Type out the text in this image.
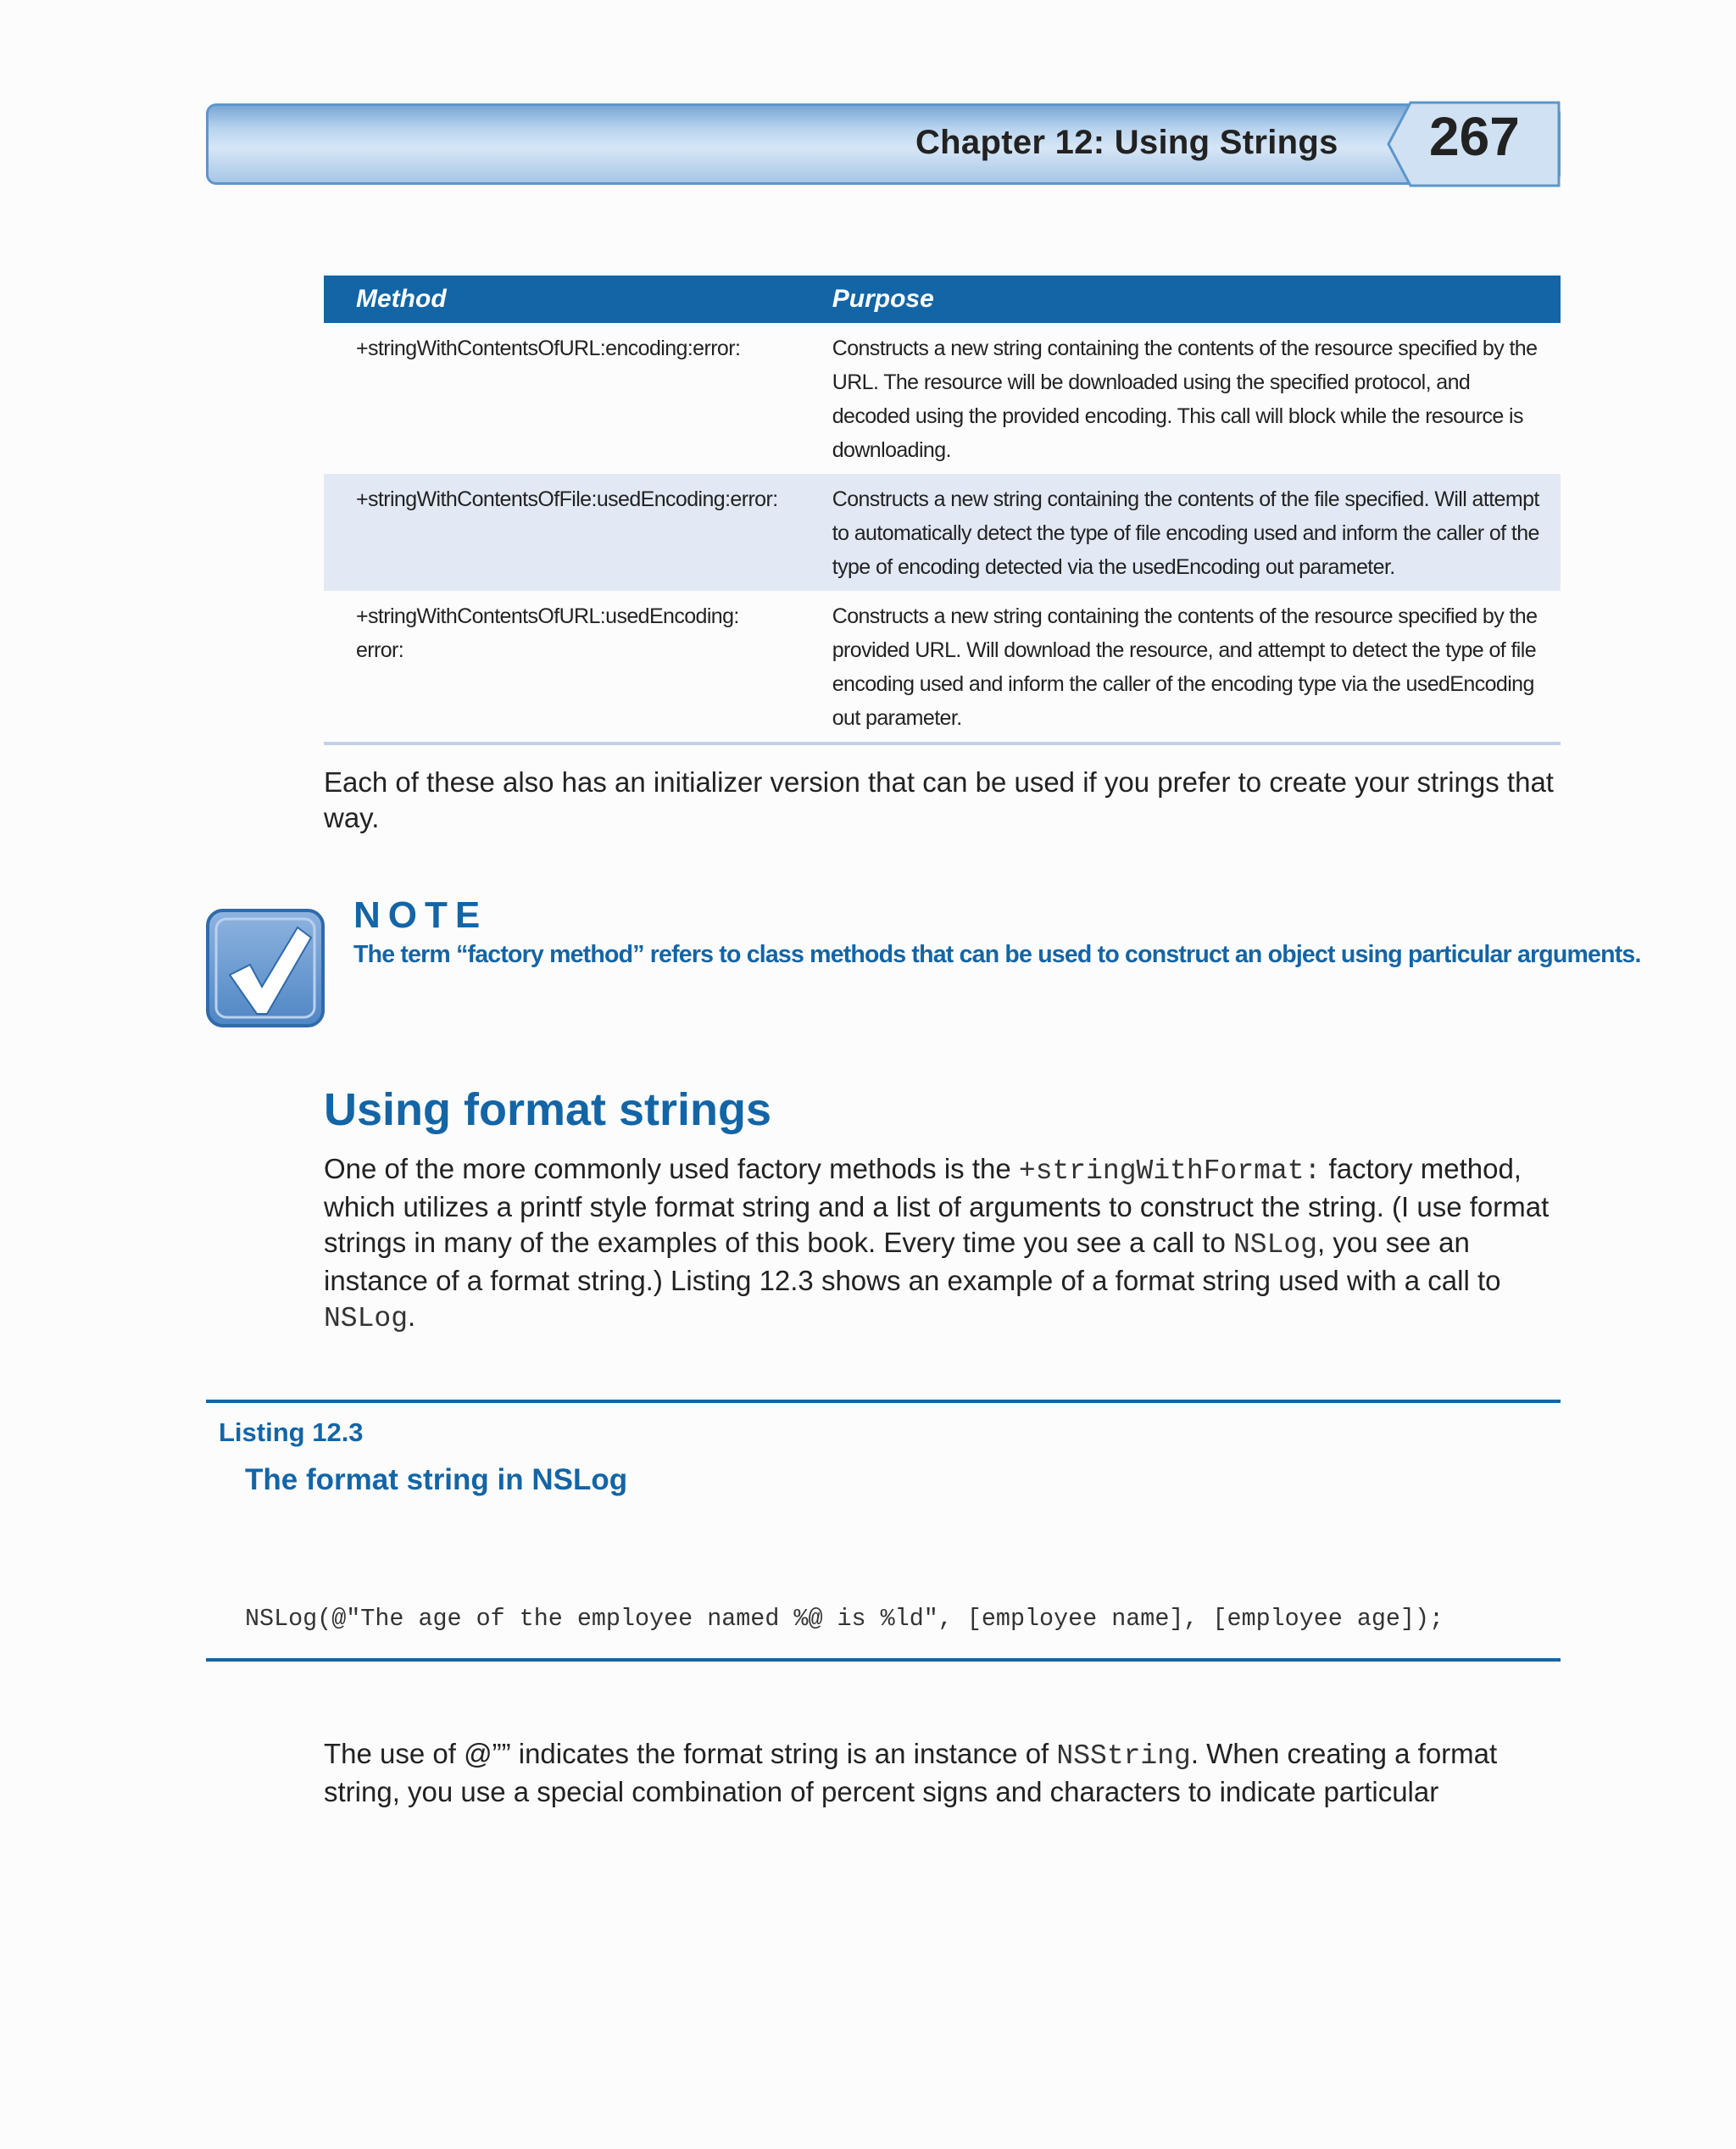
Chapter 12: Using Strings 267
Method	Purpose
+stringWithContentsOfURL:encoding:error:	Constructs a new string containing the contents of the resource specified by the URL. The resource will be downloaded using the specified protocol, and decoded using the provided encoding. This call will block while the resource is downloading.
+stringWithContentsOfFile:usedEncoding:error:	Constructs a new string containing the contents of the file specified. Will attempt to automatically detect the type of file encoding used and inform the caller of the type of encoding detected via the usedEncoding out parameter.
+stringWithContentsOfURL:usedEncoding: error:	Constructs a new string containing the contents of the resource specified by the provided URL. Will download the resource, and attempt to detect the type of file encoding used and inform the caller of the encoding type via the usedEncoding out parameter.

Each of these also has an initializer version that can be used if you prefer to create your strings that way.

NOTE
The term “factory method” refers to class methods that can be used to construct an object using particular arguments.
Using format strings

One of the more commonly used factory methods is the +stringWithFormat: factory method, which utilizes a printf style format string and a list of arguments to construct the string. (I use format strings in many of the examples of this book. Every time you see a call to NSLog, you see an instance of a format string.) Listing 12.3 shows an example of a format string used with a call to NSLog.

Listing 12.3
The format string in NSLog
NSLog(@"The age of the employee named %@ is %ld", [employee name], [employee age]);

The use of @”” indicates the format string is an instance of NSString. When creating a format string, you use a special combination of percent signs and characters to indicate particular
